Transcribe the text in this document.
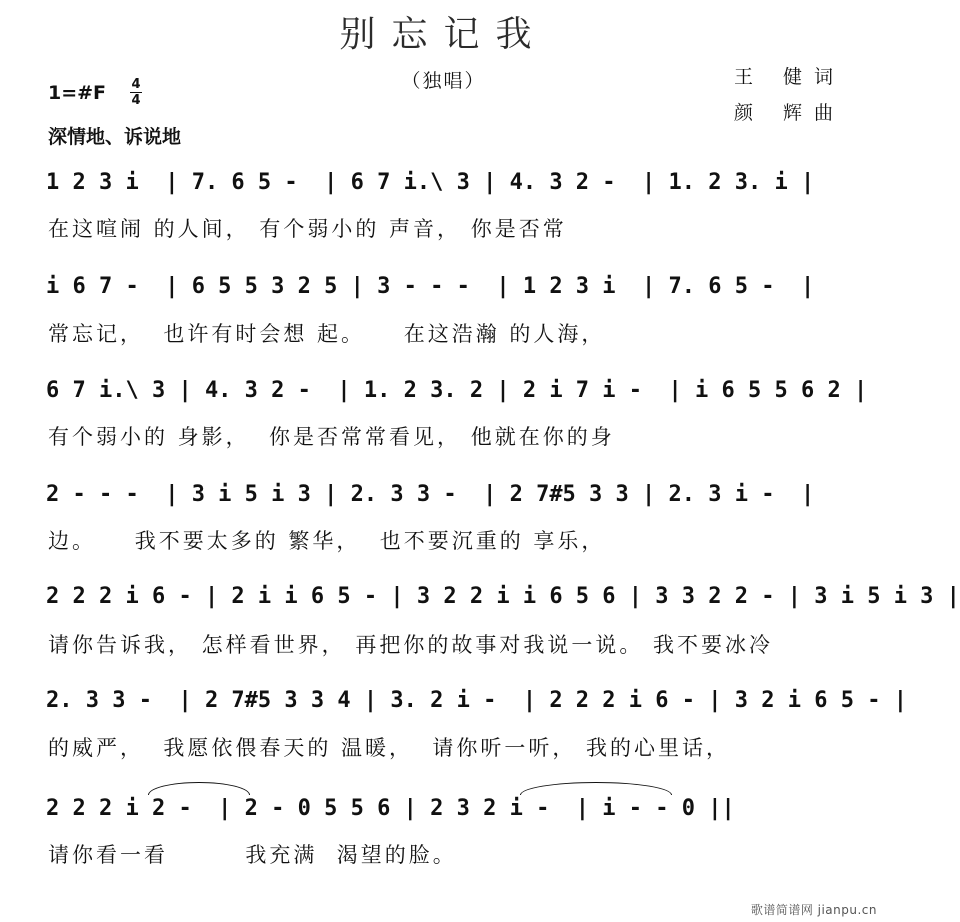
别忘记我
（独唱）	王 健词
颜 辉曲
1=#F 4
4
深情地、诉说地
1 2 3 i  | 7. 6 5 -  | 6 7 i.\ 3 | 4. 3 2 -  | 1. 2 3. i |
在这喧闹 的人间， 有个弱小的 声音， 你是否常
i 6 7 -  | 6 5 5 3 2 5 | 3 - - -  | 1 2 3 i  | 7. 6 5 -  |
常忘记，  也许有时会想 起。    在这浩瀚 的人海，
6 7 i.\ 3 | 4. 3 2 -  | 1. 2 3. 2 | 2 i 7 i -  | i 6 5 5 6 2 |
有个弱小的 身影，  你是否常常看见， 他就在你的身
2 - - -  | 3 i 5 i 3 | 2. 3 3 -  | 2 7#5 3 3 | 2. 3 i -  |
边。    我不要太多的 繁华，  也不要沉重的 享乐，
2 2 2 i 6 - | 2 i i 6 5 - | 3 2 2 i i 6 5 6 | 3 3 2 2 - | 3 i 5 i 3 |
请你告诉我， 怎样看世界， 再把你的故事对我说一说。 我不要冰冷
2. 3 3 -  | 2 7#5 3 3 4 | 3. 2 i -  | 2 2 2 i 6 - | 3 2 i 6 5 - |
的威严，  我愿依偎春天的 温暖，  请你听一听， 我的心里话，
2 2 2 i 2 -  | 2 - 0 5 5 6 | 2 3 2 i -  | i - - 0 ||
请你看一看        我充满  渴望的脸。
歌谱简谱网 jianpu.cn
